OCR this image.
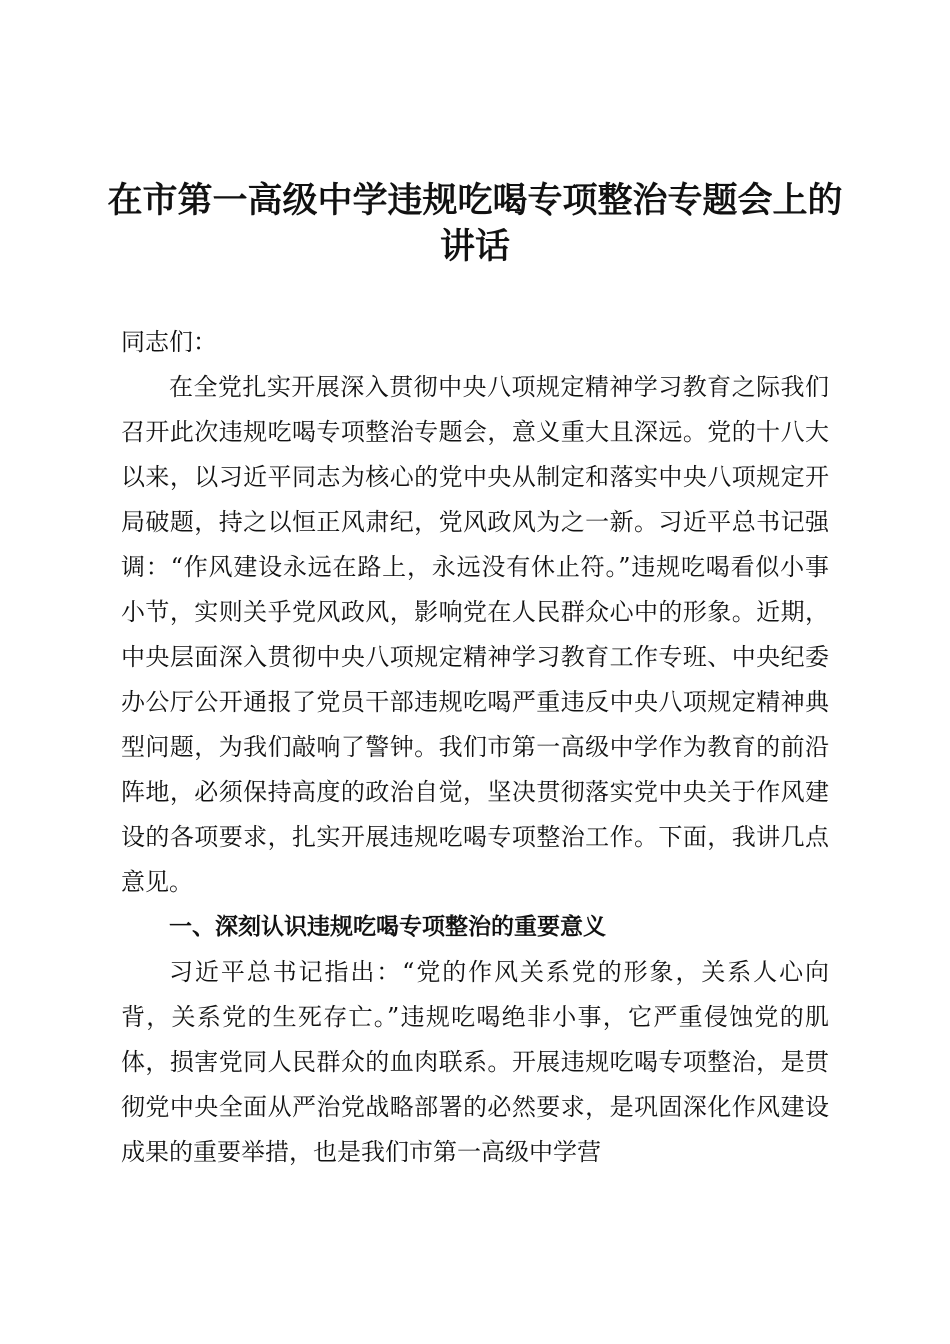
在市第一高级中学违规吃喝专项整治专题会上的讲话

同志们：

在全党扎实开展深入贯彻中央八项规定精神学习教育之际我们召开此次违规吃喝专项整治专题会，意义重大且深远。党的十八大以来，以习近平同志为核心的党中央从制定和落实中央八项规定开局破题，持之以恒正风肃纪，党风政风为之一新。习近平总书记强调：“作风建设永远在路上，永远没有休止符。”违规吃喝看似小事小节，实则关乎党风政风，影响党在人民群众心中的形象。近期，中央层面深入贯彻中央八项规定精神学习教育工作专班、中央纪委办公厅公开通报了党员干部违规吃喝严重违反中央八项规定精神典型问题，为我们敲响了警钟。我们市第一高级中学作为教育的前沿阵地，必须保持高度的政治自觉，坚决贯彻落实党中央关于作风建设的各项要求，扎实开展违规吃喝专项整治工作。下面，我讲几点意见。

一、深刻认识违规吃喝专项整治的重要意义

习近平总书记指出：“党的作风关系党的形象，关系人心向背，关系党的生死存亡。”违规吃喝绝非小事，它严重侵蚀党的肌体，损害党同人民群众的血肉联系。开展违规吃喝专项整治，是贯彻党中央全面从严治党战略部署的必然要求，是巩固深化作风建设成果的重要举措，也是我们市第一高级中学营
